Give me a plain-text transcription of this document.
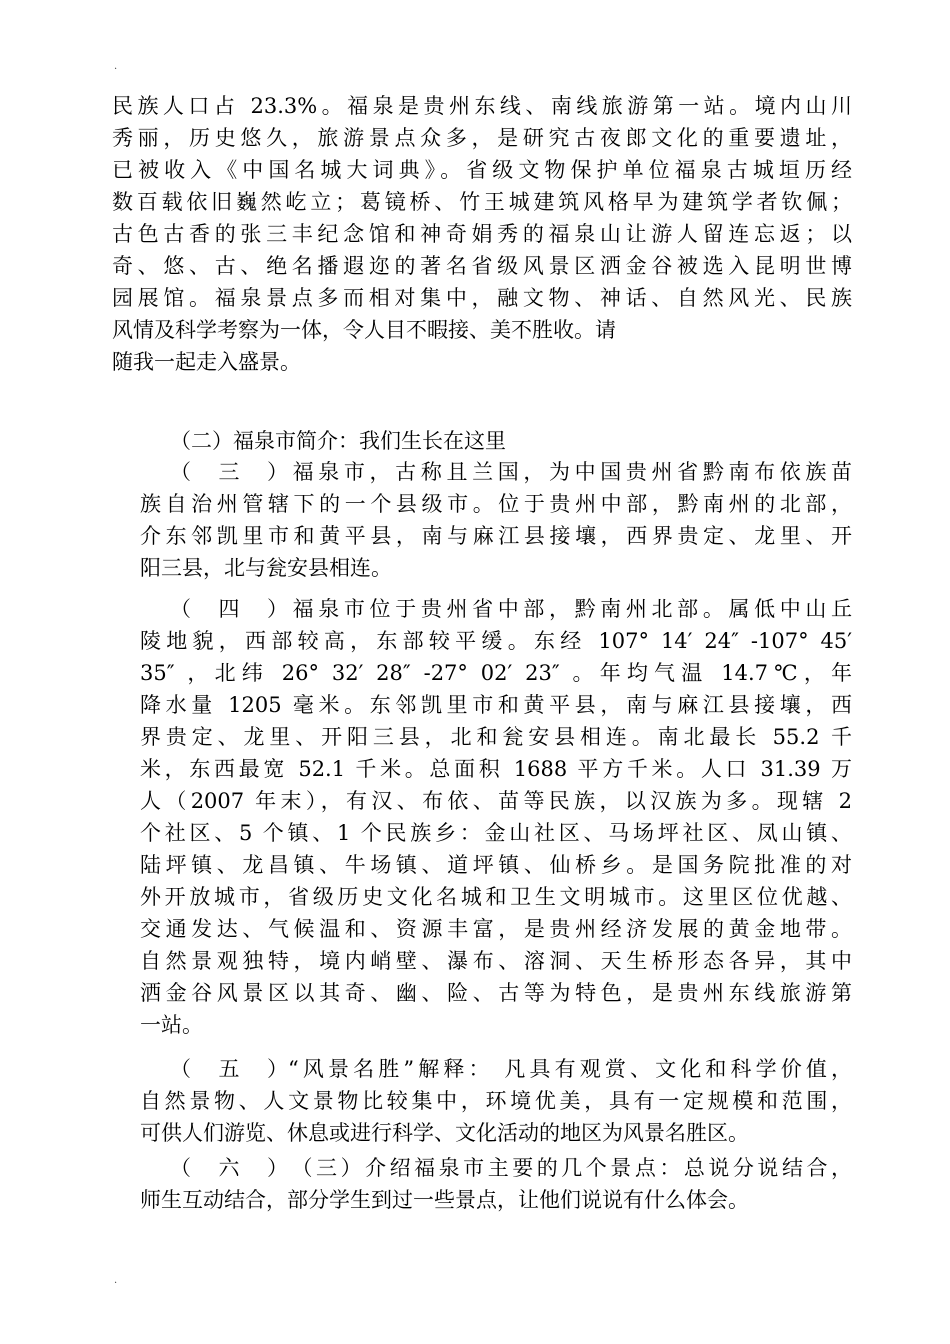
.
民族人口占 23.3%。福泉是贵州东线、南线旅游第一站。境内山川
秀丽，历史悠久，旅游景点众多，是研究古夜郎文化的重要遗址，
已被收入《中国名城大词典》。省级文物保护单位福泉古城垣历经
数百载依旧巍然屹立；葛镜桥、竹王城建筑风格早为建筑学者钦佩；
古色古香的张三丰纪念馆和神奇娟秀的福泉山让游人留连忘返；以
奇、悠、古、绝名播遐迩的著名省级风景区洒金谷被选入昆明世博
园展馆。福泉景点多而相对集中，融文物、神话、自然风光、民族
风情及科学考察为一体，令人目不暇接、美不胜收。请
随我一起走入盛景。
（二）福泉市简介：我们生长在这里
（三）福泉市，古称且兰国，为中国贵州省黔南布依族苗
族自治州管辖下的一个县级市。位于贵州中部，黔南州的北部，
介东邻凯里市和黄平县，南与麻江县接壤，西界贵定、龙里、开
阳三县，北与瓮安县相连。
（四）福泉市位于贵州省中部，黔南州北部。属低中山丘
陵地貌，西部较高，东部较平缓。东经 107° 14′ 24″ -107° 45′
35″ ，北纬 26° 32′ 28″ -27° 02′ 23″ 。年均气温 14.7℃，年
降水量 1205 毫米。东邻凯里市和黄平县，南与麻江县接壤，西
界贵定、龙里、开阳三县，北和瓮安县相连。南北最长 55.2 千
米，东西最宽 52.1 千米。总面积 1688 平方千米。人口 31.39 万
人（2007 年末），有汉、布依、苗等民族，以汉族为多。现辖 2
个社区、5 个镇、1 个民族乡：金山社区、马场坪社区、凤山镇、
陆坪镇、龙昌镇、牛场镇、道坪镇、仙桥乡。是国务院批准的对
外开放城市，省级历史文化名城和卫生文明城市。这里区位优越、
交通发达、气候温和、资源丰富，是贵州经济发展的黄金地带。
自然景观独特，境内峭壁、瀑布、溶洞、天生桥形态各异，其中
洒金谷风景区以其奇、幽、险、古等为特色，是贵州东线旅游第
一站。
（五）“风景名胜”解释： 凡具有观赏、文化和科学价值，
自然景物、人文景物比较集中，环境优美，具有一定规模和范围，
可供人们游览、休息或进行科学、文化活动的地区为风景名胜区。
（六）（三）介绍福泉市主要的几个景点：总说分说结合，
师生互动结合，部分学生到过一些景点，让他们说说有什么体会。
.
